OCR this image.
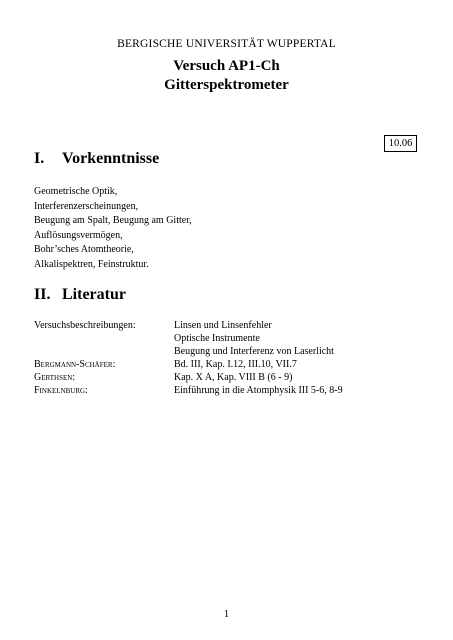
BERGISCHE UNIVERSITÄT WUPPERTAL
Versuch AP1-Ch
Gitterspektrometer
10.06
I. Vorkenntnisse
Geometrische Optik,
Interferenzerscheinungen,
Beugung am Spalt, Beugung am Gitter,
Auflösungsvermögen,
Bohr’sches Atomtheorie,
Alkalispektren, Feinstruktur.
II. Literatur
Versuchsbeschreibungen:	Linsen und Linsenfehler
Optische Instrumente
Beugung und Interferenz von Laserlicht
Bergmann-Schäfer:	Bd. III, Kap. I.12, III.10, VII.7
Gerthsen:	Kap. X A, Kap. VIII B (6 - 9)
Finkelnburg:	Einführung in die Atomphysik III 5-6, 8-9
1
